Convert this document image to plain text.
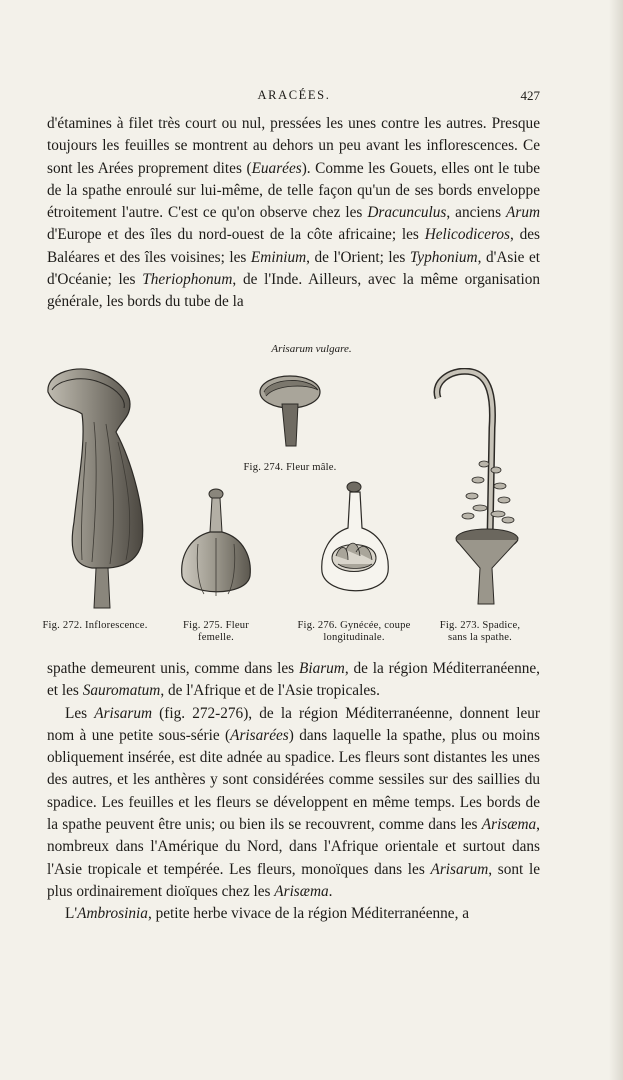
ARACÉES.	427

d'étamines à filet très court ou nul, pressées les unes contre les autres. Presque toujours les feuilles se montrent au dehors un peu avant les inflorescences. Ce sont les Arées proprement dites (Euarées). Comme les Gouets, elles ont le tube de la spathe enroulé sur lui-même, de telle façon qu'un de ses bords enveloppe étroitement l'autre. C'est ce qu'on observe chez les Dracunculus, anciens Arum d'Europe et des îles du nord-ouest de la côte africaine; les Helicodiceros, des Baléares et des îles voisines; les Eminium, de l'Orient; les Typhonium, d'Asie et d'Océanie; les Theriophonum, de l'Inde. Ailleurs, avec la même organisation générale, les bords du tube de la

Arisarum vulgare.
Fig. 274. Fleur mâle.
Fig. 275. Fleur
femelle.
Fig. 276. Gynécée, coupe
longitudinale.
Fig. 273. Spadice,
sans la spathe.
Fig. 272. Inflorescence.

spathe demeurent unis, comme dans les Biarum, de la région Méditerranéenne, et les Sauromatum, de l'Afrique et de l'Asie tropicales.

Les Arisarum (fig. 272-276), de la région Méditerranéenne, donnent leur nom à une petite sous-série (Arisarées) dans laquelle la spathe, plus ou moins obliquement insérée, est dite adnée au spadice. Les fleurs sont distantes les unes des autres, et les anthères y sont considérées comme sessiles sur des saillies du spadice. Les feuilles et les fleurs se développent en même temps. Les bords de la spathe peuvent être unis; ou bien ils se recouvrent, comme dans les Arisæma, nombreux dans l'Amérique du Nord, dans l'Afrique orientale et surtout dans l'Asie tropicale et tempérée. Les fleurs, monoïques dans les Arisarum, sont le plus ordinairement dioïques chez les Arisæma.

L'Ambrosinia, petite herbe vivace de la région Méditerranéenne, a
